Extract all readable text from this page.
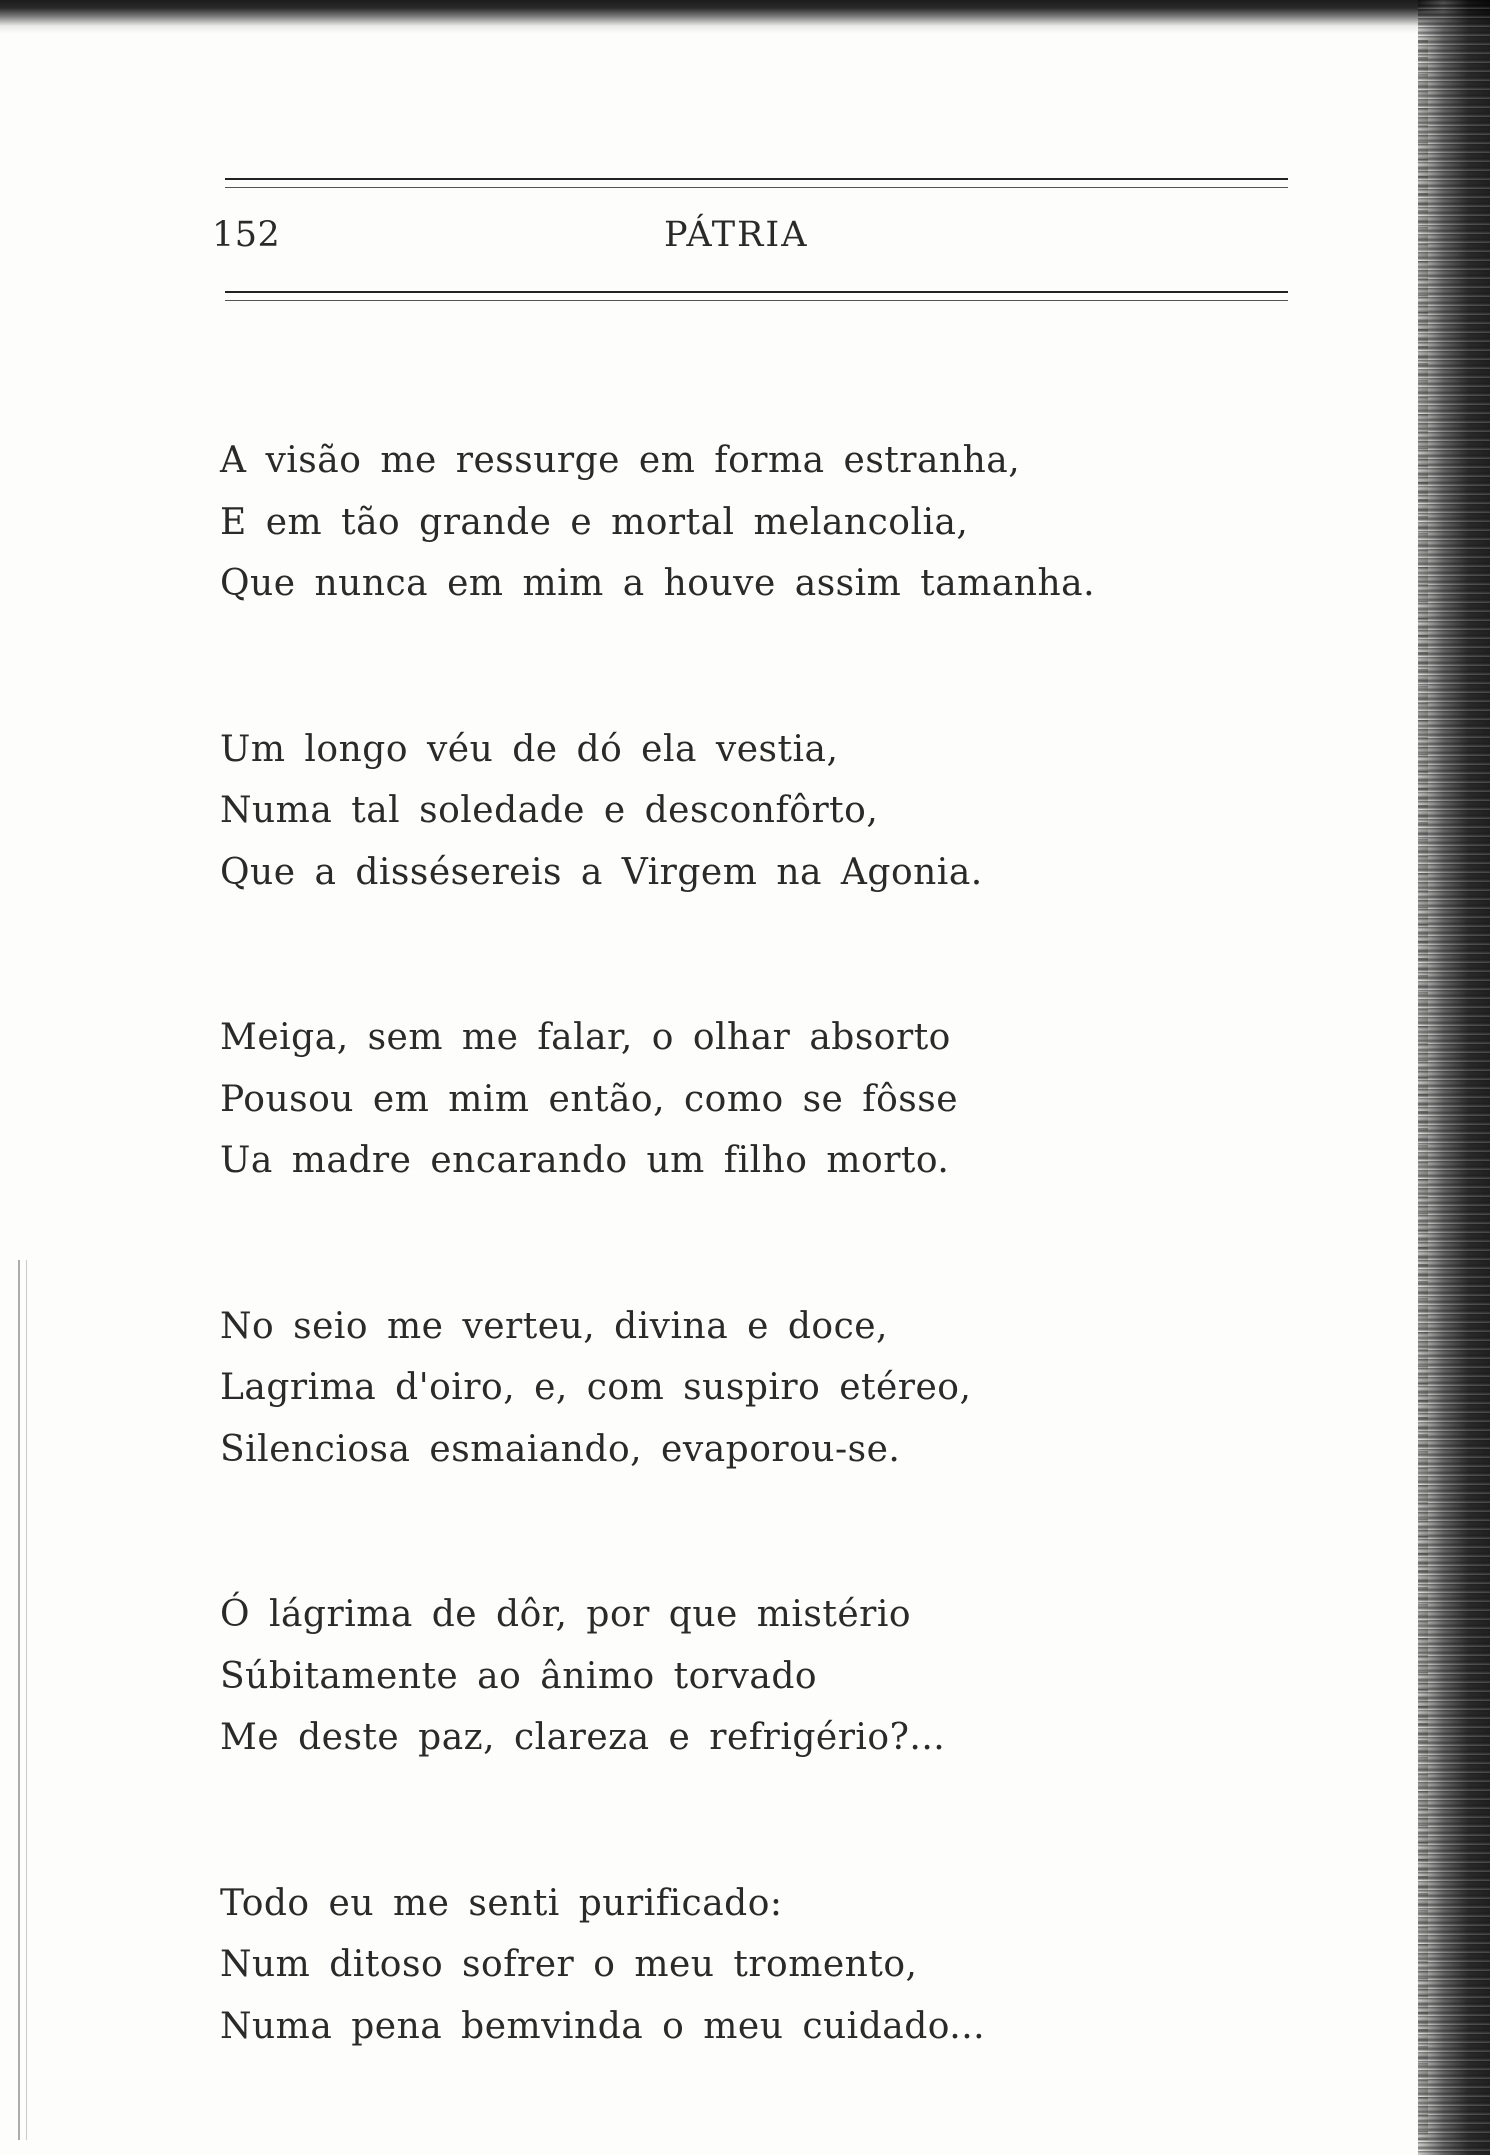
152	PÁTRIA
A visão me ressurge em forma estranha,
E em tão grande e mortal melancolia,
Que nunca em mim a houve assim tamanha.
Um longo véu de dó ela vestia,
Numa tal soledade e desconfôrto,
Que a dissésereis a Virgem na Agonia.
Meiga, sem me falar, o olhar absorto
Pousou em mim então, como se fôsse
Ua madre encarando um filho morto.
No seio me verteu, divina e doce,
Lagrima d'oiro, e, com suspiro etéreo,
Silenciosa esmaiando, evaporou-se.
Ó lágrima de dôr, por que mistério
Súbitamente ao ânimo torvado
Me deste paz, clareza e refrigério?...
Todo eu me senti purificado:
Num ditoso sofrer o meu tromento,
Numa pena bemvinda o meu cuidado...
